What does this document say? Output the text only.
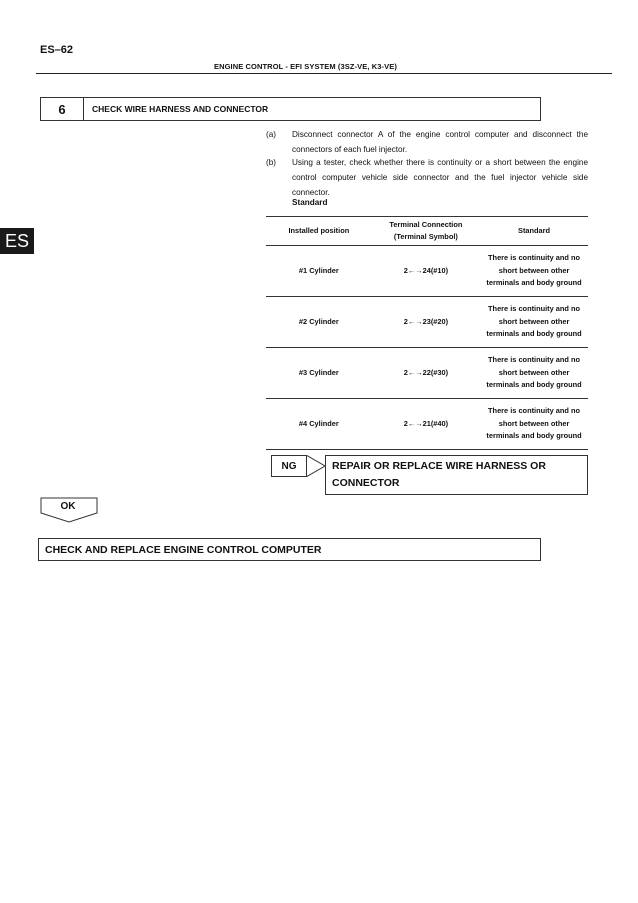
ES–62
ENGINE CONTROL - EFI SYSTEM (3SZ-VE, K3-VE)
ES
6	CHECK WIRE HARNESS AND CONNECTOR
(a)	Disconnect connector A of the engine control computer and disconnect the connectors of each fuel injector.
(b)	Using a tester, check whether there is continuity or a short between the engine control computer vehicle side connector and the fuel injector vehicle side connector.
Standard
Installed position	Terminal Connection (Terminal Symbol)	Standard
#1 Cylinder	2←→24(#10)	There is continuity and no short between other terminals and body ground
#2 Cylinder	2←→23(#20)	There is continuity and no short between other terminals and body ground
#3 Cylinder	2←→22(#30)	There is continuity and no short between other terminals and body ground
#4 Cylinder	2←→21(#40)	There is continuity and no short between other terminals and body ground
NG	REPAIR OR REPLACE WIRE HARNESS OR CONNECTOR
OK
CHECK AND REPLACE ENGINE CONTROL COMPUTER
